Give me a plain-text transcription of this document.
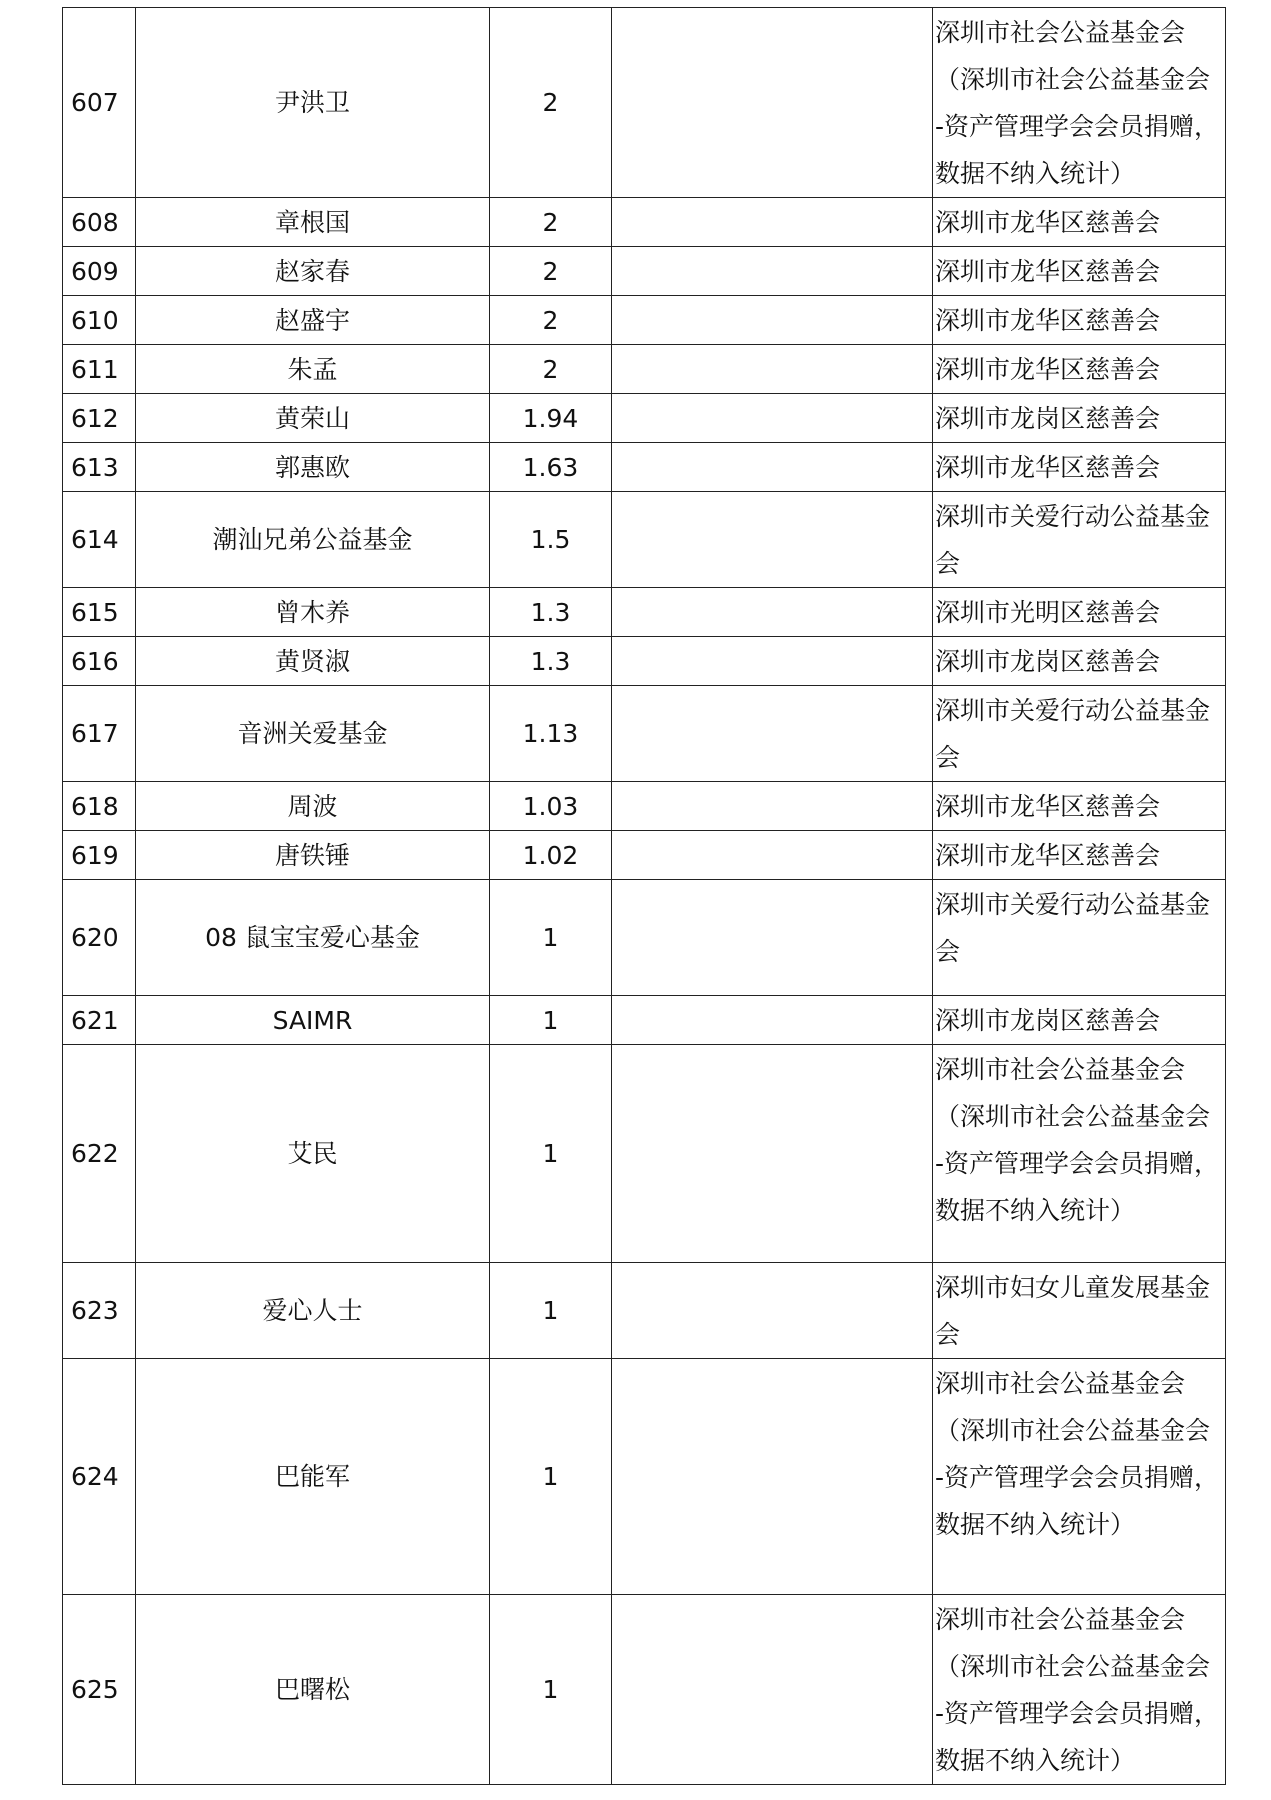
607	尹洪卫	2		深圳市社会公益基金会
（深圳市社会公益基金会
-资产管理学会会员捐赠，
数据不纳入统计）
608	章根国	2		深圳市龙华区慈善会
609	赵家春	2		深圳市龙华区慈善会
610	赵盛宇	2		深圳市龙华区慈善会
611	朱孟	2		深圳市龙华区慈善会
612	黄荣山	1.94		深圳市龙岗区慈善会
613	郭惠欧	1.63		深圳市龙华区慈善会
614	潮汕兄弟公益基金	1.5		深圳市关爱行动公益基金
会
615	曾木养	1.3		深圳市光明区慈善会
616	黄贤淑	1.3		深圳市龙岗区慈善会
617	音洲关爱基金	1.13		深圳市关爱行动公益基金
会
618	周波	1.03		深圳市龙华区慈善会
619	唐铁锤	1.02		深圳市龙华区慈善会
620	08 鼠宝宝爱心基金	1		深圳市关爱行动公益基金
会
621	SAIMR	1		深圳市龙岗区慈善会
622	艾民	1		深圳市社会公益基金会
（深圳市社会公益基金会
-资产管理学会会员捐赠，
数据不纳入统计）
623	爱心人士	1		深圳市妇女儿童发展基金
会
624	巴能军	1		深圳市社会公益基金会
（深圳市社会公益基金会
-资产管理学会会员捐赠，
数据不纳入统计）
625	巴曙松	1		深圳市社会公益基金会
（深圳市社会公益基金会
-资产管理学会会员捐赠，
数据不纳入统计）
